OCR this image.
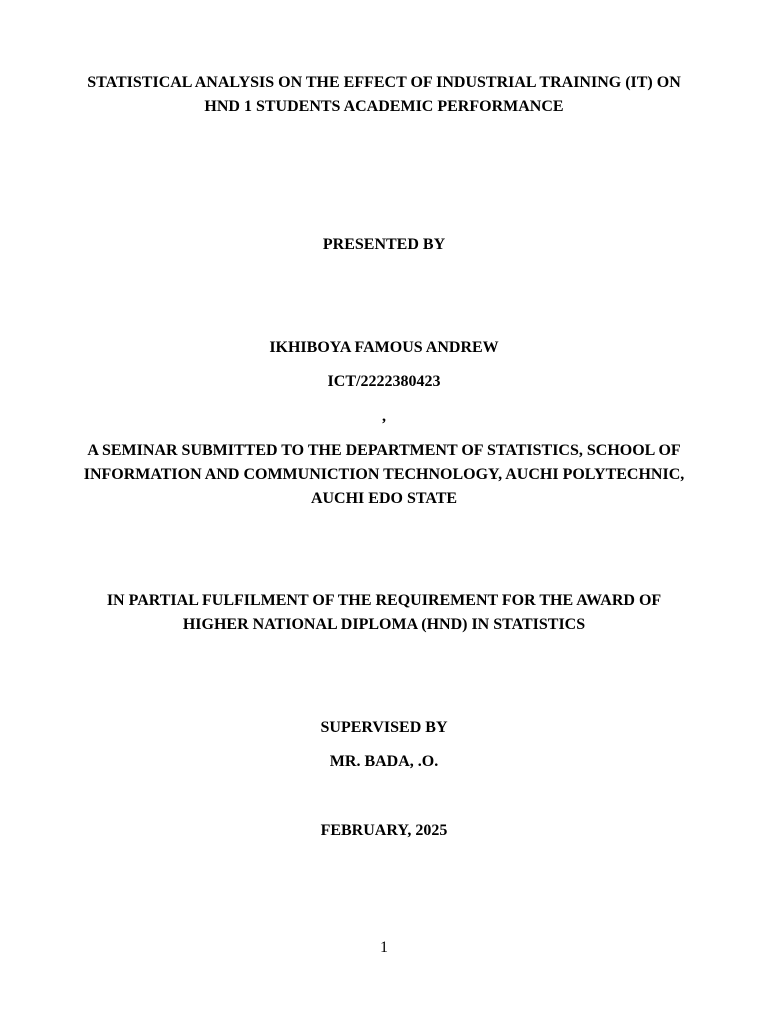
STATISTICAL ANALYSIS ON THE EFFECT OF INDUSTRIAL TRAINING (IT) ON
HND 1 STUDENTS ACADEMIC PERFORMANCE

PRESENTED BY

IKHIBOYA FAMOUS ANDREW

ICT/2222380423

,

A SEMINAR SUBMITTED TO THE DEPARTMENT OF STATISTICS, SCHOOL OF
INFORMATION AND COMMUNICTION TECHNOLOGY, AUCHI POLYTECHNIC,
AUCHI EDO STATE

IN PARTIAL FULFILMENT OF THE REQUIREMENT FOR THE AWARD OF
HIGHER NATIONAL DIPLOMA (HND) IN STATISTICS

SUPERVISED BY

MR. BADA, .O.

FEBRUARY, 2025

1
